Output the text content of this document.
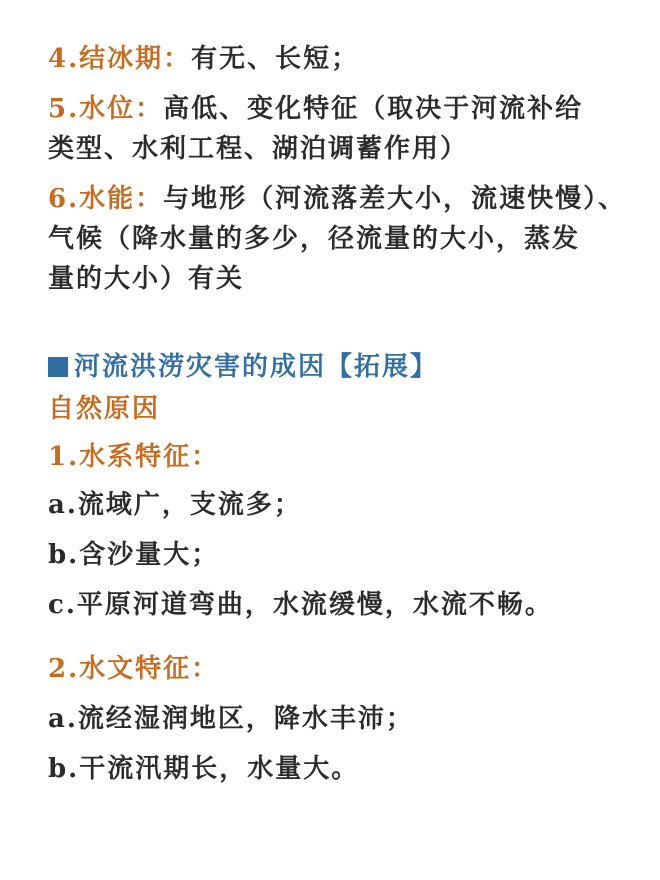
4.结冰期：有无、长短；
5.水位：高低、变化特征（取决于河流补给
类型、水利工程、湖泊调蓄作用）
6.水能：与地形（河流落差大小，流速快慢）、
气候（降水量的多少，径流量的大小，蒸发
量的大小）有关
河流洪涝灾害的成因【拓展】
自然原因
1.水系特征：
a.流域广，支流多；
b.含沙量大；
c.平原河道弯曲，水流缓慢，水流不畅。
2.水文特征：
a.流经湿润地区，降水丰沛；
b.干流汛期长，水量大。
